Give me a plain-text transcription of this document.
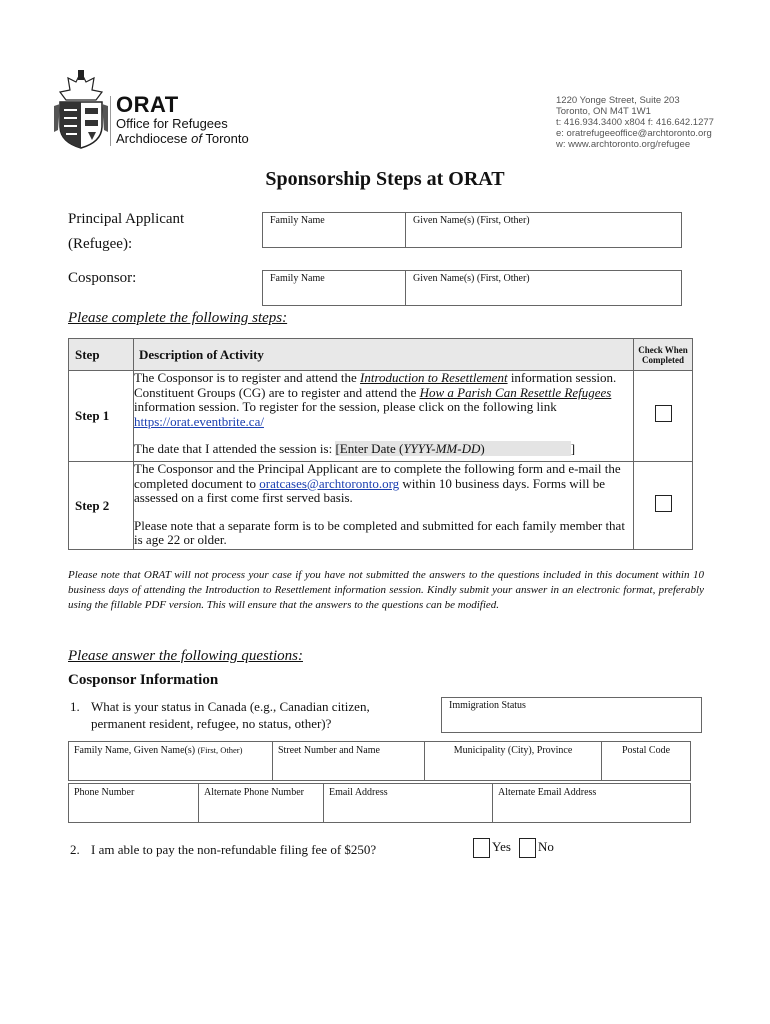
ORAT
Office for Refugees
Archdiocese of Toronto
1220 Yonge Street, Suite 203
Toronto, ON M4T 1W1
t: 416.934.3400 x804 f: 416.642.1277
e: oratrefugeeoffice@archtoronto.org
w: www.archtoronto.org/refugee
Sponsorship Steps at ORAT
Principal Applicant
(Refugee):
Family Name	Given Name(s) (First, Other)
Cosponsor:	Family Name	Given Name(s) (First, Other)
Please complete the following steps:
Step	Description of Activity	Check When
Completed

Step 1	The Cosponsor is to register and attend the Introduction to Resettlement information session. Constituent Groups (CG) are to register and attend the How a Parish Can Resettle Refugees information session. To register for the session, please click on the following link https://orat.eventbrite.ca/
The date that I attended the session is: [Enter Date (YYYY-MM-DD) ]	
Step 2	The Cosponsor and the Principal Applicant are to complete the following form and e-mail the completed document to oratcases@archtoronto.org within 10 business days. Forms will be assessed on a first come first served basis.
Please note that a separate form is to be completed and submitted for each family member that is age 22 or older.	
Please note that ORAT will not process your case if you have not submitted the answers to the questions included in this document within 10 business days of attending the Introduction to Resettlement information session. Kindly submit your answer in an electronic format, preferably using the fillable PDF version. This will ensure that the answers to the questions can be modified.
Please answer the following questions:
Cosponsor Information
1. What is your status in Canada (e.g., Canadian citizen,
permanent resident, refugee, no status, other)?
Immigration Status
Family Name, Given Name(s) (First, Other)	Street Number and Name	Municipality (City), Province	Postal Code
Phone Number	Alternate Phone Number	Email Address	Alternate Email Address
2. I am able to pay the non-refundable filing fee of $250?	Yes	No
